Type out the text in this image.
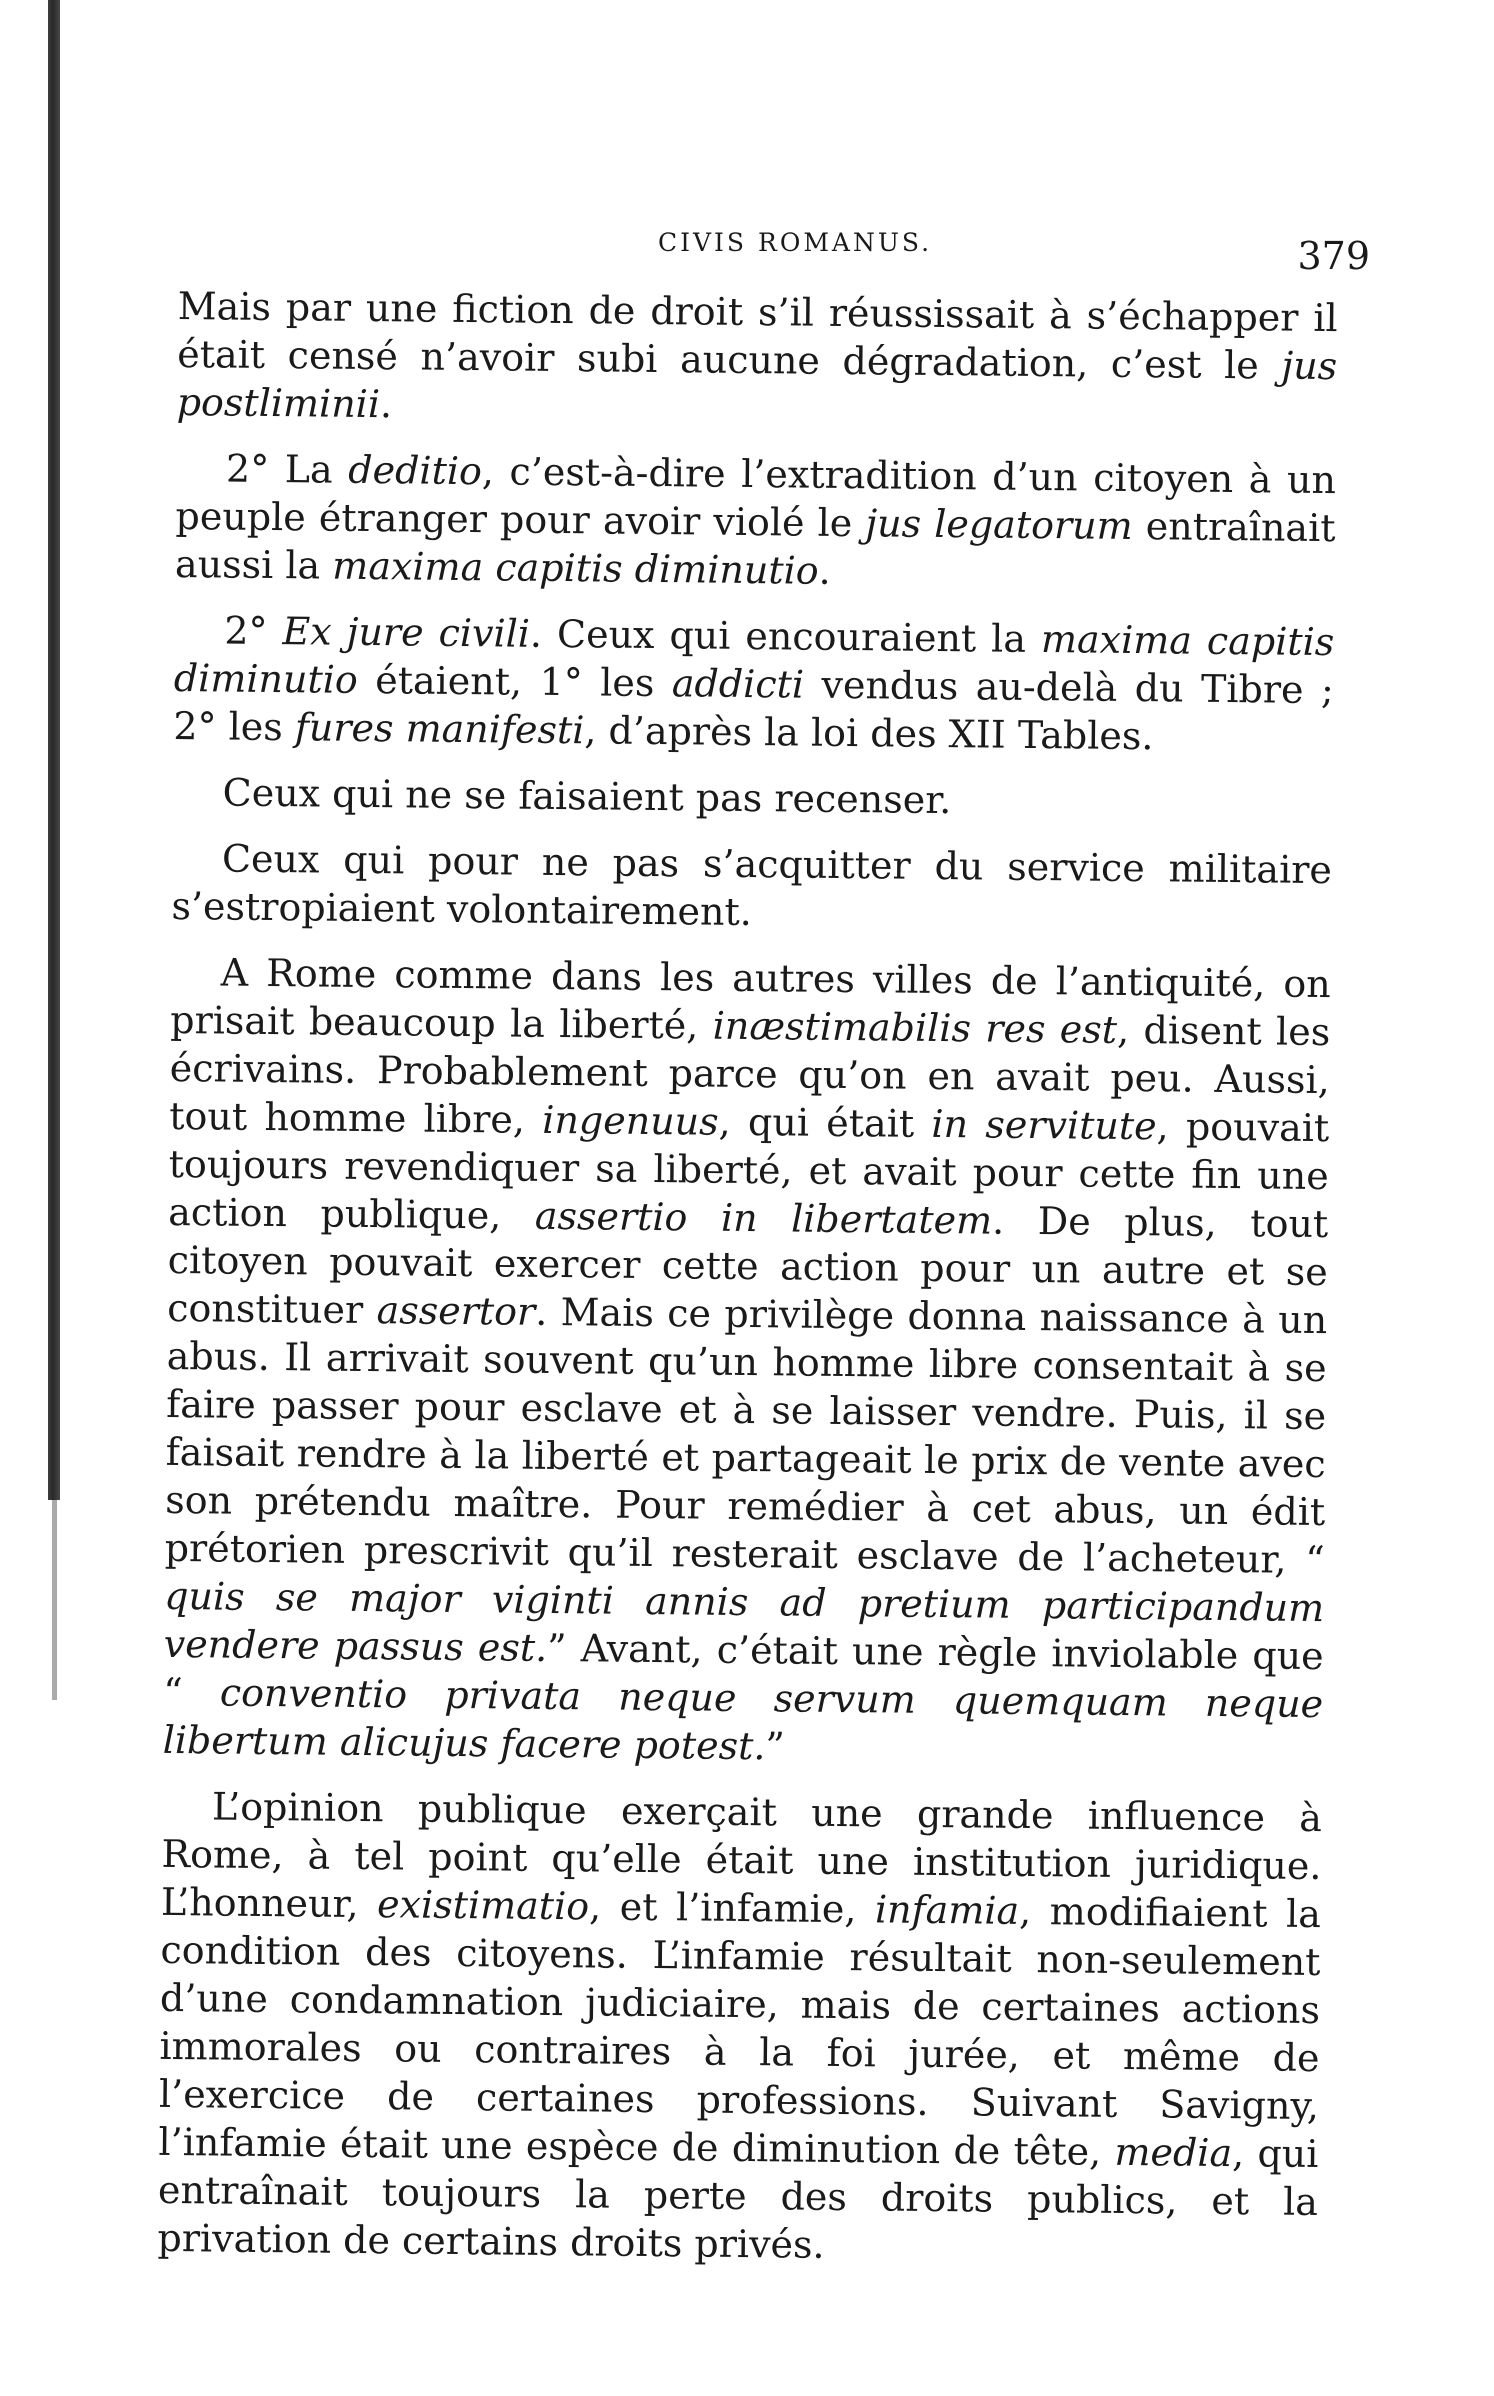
CIVIS ROMANUS.	379

Mais par une fiction de droit s’il réussissait à s’échapper il était censé n’avoir subi aucune dégradation, c’est le jus postliminii.

2° La deditio, c’est-à-dire l’extradition d’un citoyen à un peuple étranger pour avoir violé le jus legatorum entraînait aussi la maxima capitis diminutio.

2° Ex jure civili. Ceux qui encouraient la maxima capitis diminutio étaient, 1° les addicti vendus au-delà du Tibre ; 2° les fures manifesti, d’après la loi des XII Tables.

Ceux qui ne se faisaient pas recenser.

Ceux qui pour ne pas s’acquitter du service militaire s’estropiaient volontairement.

A Rome comme dans les autres villes de l’antiquité, on prisait beaucoup la liberté, inæstimabilis res est, disent les écrivains. Probablement parce qu’on en avait peu. Aussi, tout homme libre, ingenuus, qui était in servitute, pouvait toujours revendiquer sa liberté, et avait pour cette fin une action publique, assertio in libertatem. De plus, tout citoyen pouvait exercer cette action pour un autre et se constituer assertor. Mais ce privilège donna naissance à un abus. Il arrivait souvent qu’un homme libre consentait à se faire passer pour esclave et à se laisser vendre. Puis, il se faisait rendre à la liberté et partageait le prix de vente avec son prétendu maître. Pour remédier à cet abus, un édit prétorien prescrivit qu’il resterait esclave de l’acheteur, “ quis se major viginti annis ad pretium participandum vendere passus est.” Avant, c’était une règle inviolable que “ conventio privata neque servum quemquam neque libertum alicujus facere potest.”

L’opinion publique exerçait une grande influence à Rome, à tel point qu’elle était une institution juridique. L’honneur, existimatio, et l’infamie, infamia, modifiaient la condition des citoyens. L’infamie résultait non-seulement d’une condamnation judiciaire, mais de certaines actions immorales ou contraires à la foi jurée, et même de l’exercice de certaines professions. Suivant Savigny, l’infamie était une espèce de diminution de tête, media, qui entraînait toujours la perte des droits publics, et la privation de certains droits privés.
